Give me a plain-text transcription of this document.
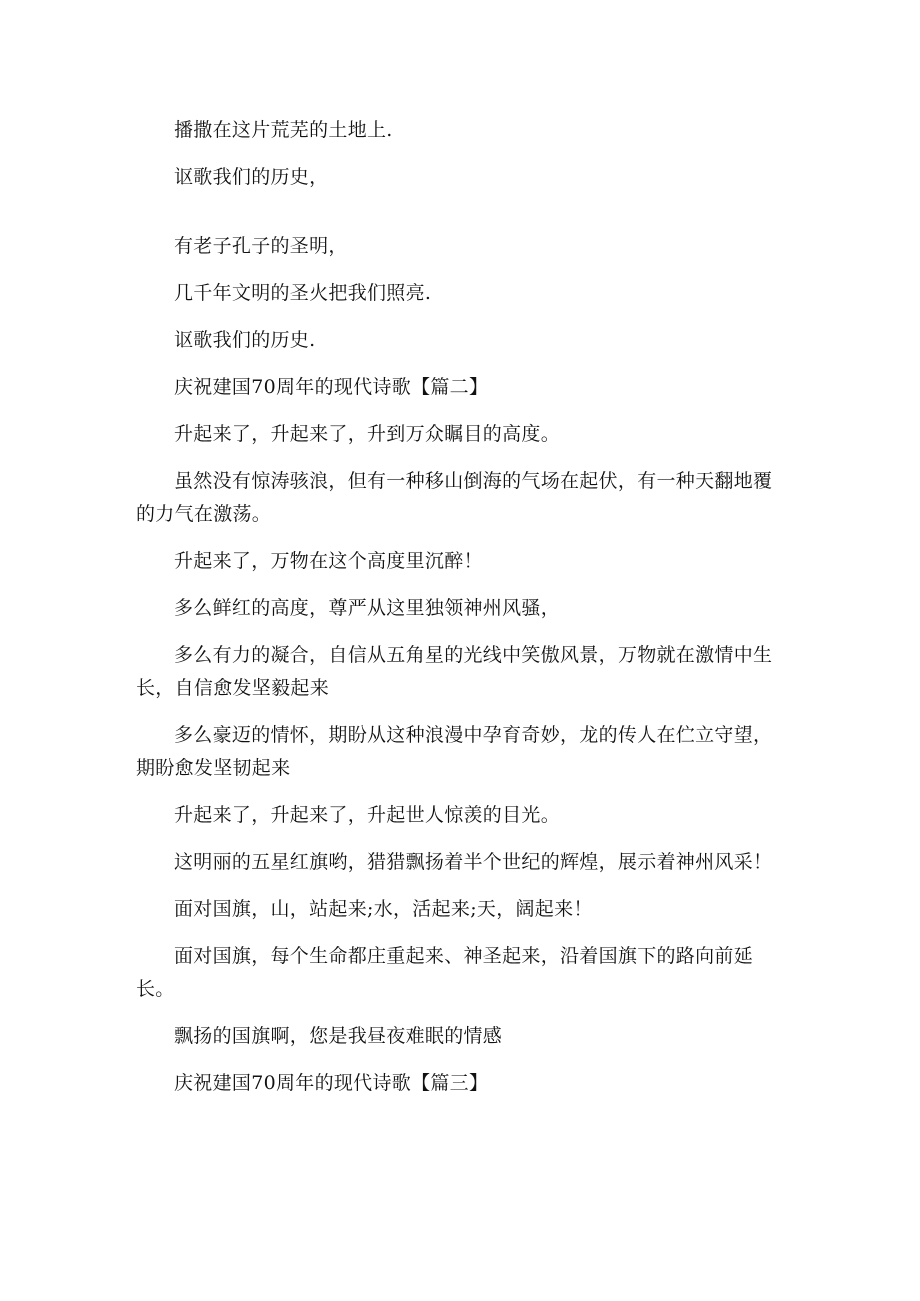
播撒在这片荒芜的土地上.

讴歌我们的历史，

有老子孔子的圣明，

几千年文明的圣火把我们照亮.

讴歌我们的历史.

庆祝建国70周年的现代诗歌【篇二】

升起来了，升起来了，升到万众瞩目的高度。

虽然没有惊涛骇浪，但有一种移山倒海的气场在起伏，有一种天翻地覆的力气在激荡。

升起来了，万物在这个高度里沉醉！

多么鲜红的高度，尊严从这里独领神州风骚，

多么有力的凝合，自信从五角星的光线中笑傲风景，万物就在激情中生长，自信愈发坚毅起来

多么豪迈的情怀，期盼从这种浪漫中孕育奇妙，龙的传人在伫立守望，期盼愈发坚韧起来

升起来了，升起来了，升起世人惊羡的目光。

这明丽的五星红旗哟，猎猎飘扬着半个世纪的辉煌，展示着神州风采！

面对国旗，山，站起来;水，活起来;天，阔起来！

面对国旗，每个生命都庄重起来、神圣起来，沿着国旗下的路向前延长。

飘扬的国旗啊，您是我昼夜难眠的情感

庆祝建国70周年的现代诗歌【篇三】
